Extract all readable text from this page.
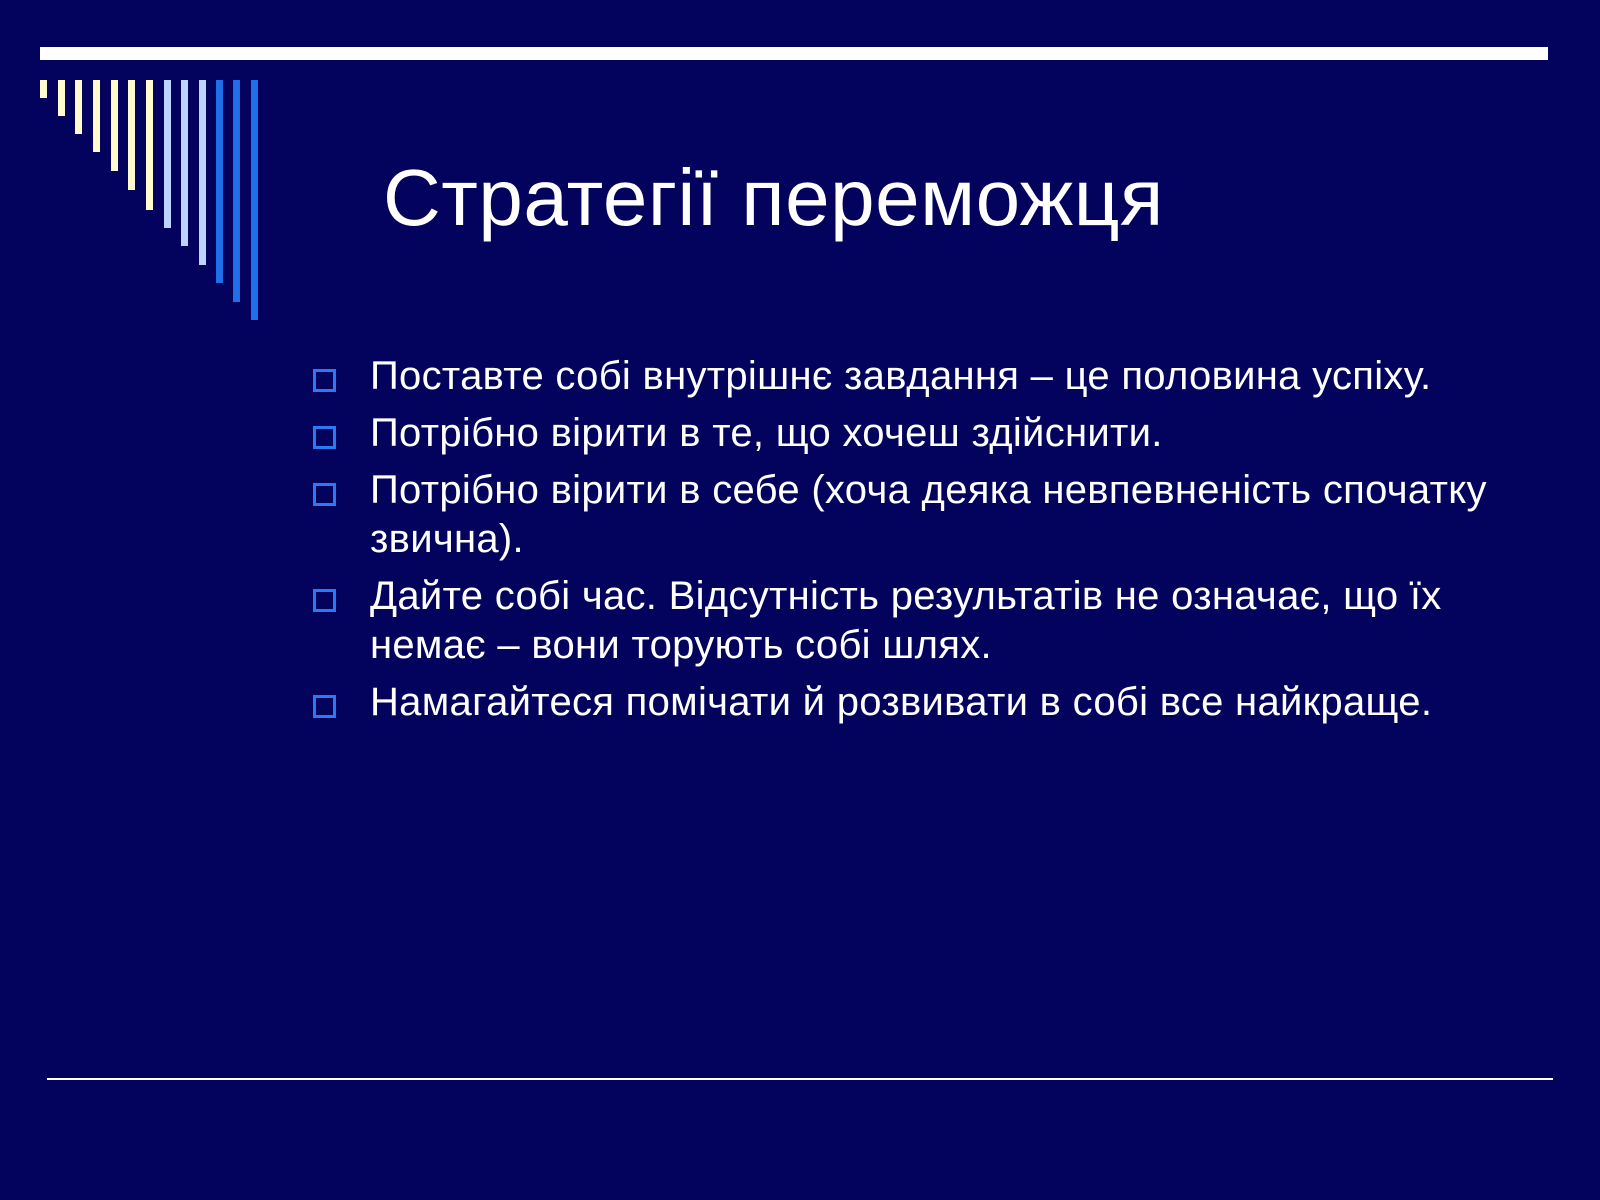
Стратегії переможця
Поставте собі внутрішнє завдання – це половина успіху.
Потрібно вірити в те, що хочеш здійснити.
Потрібно вірити в себе (хоча деяка невпевненість спочатку звична).
Дайте собі час. Відсутність результатів не означає, що їх немає – вони торують собі шлях.
Намагайтеся помічати й розвивати в собі все найкраще.
